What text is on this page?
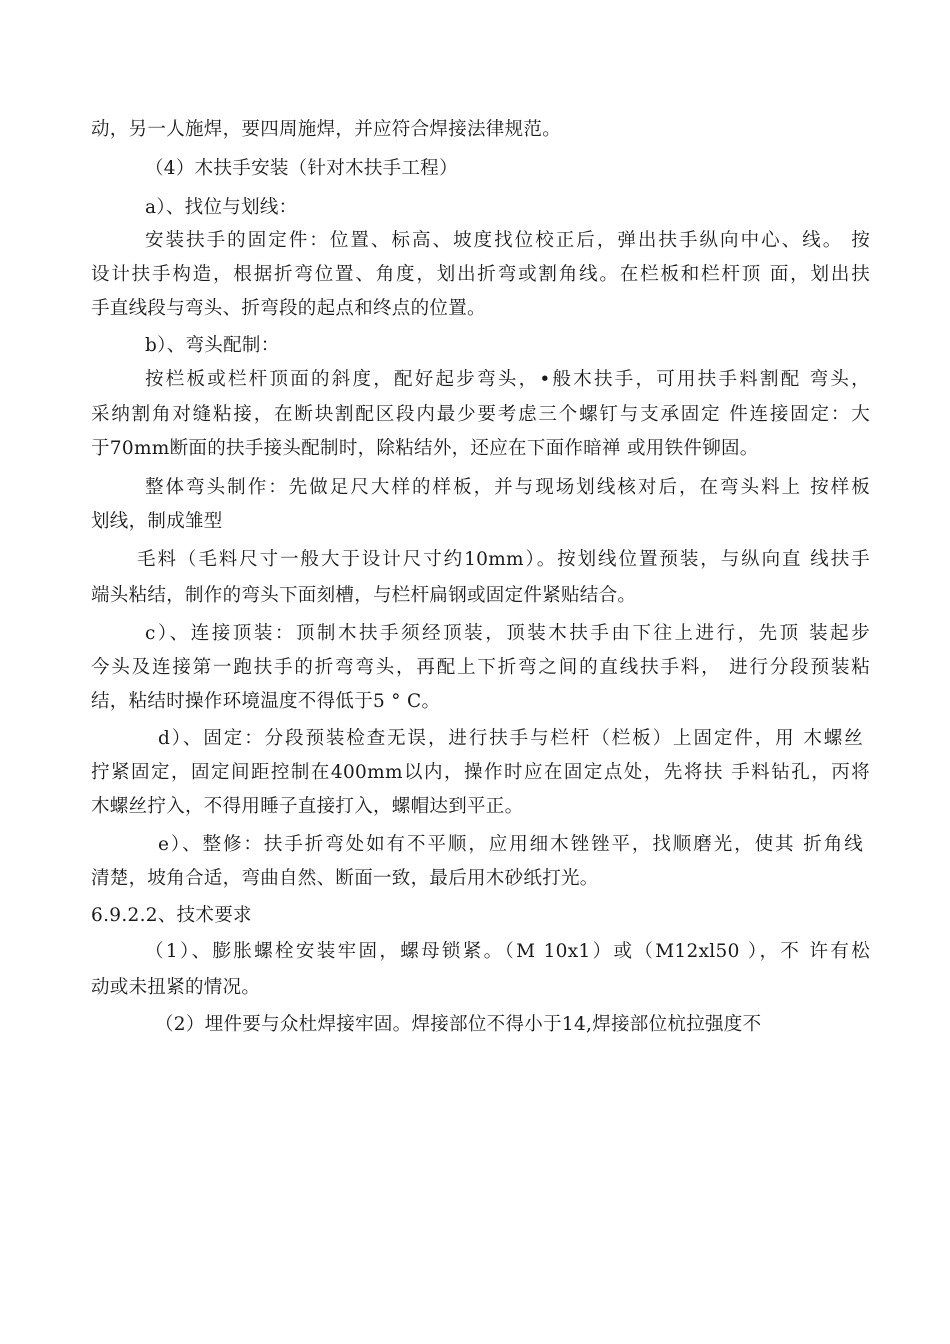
动，另一人施焊，要四周施焊，并应符合焊接法律规范。
（4）木扶手安装（针对木扶手工程）
a）、找位与划线：
安装扶手的固定件：位置、标高、坡度找位校正后，弹出扶手纵向中心、线。 按
设计扶手构造，根据折弯位置、角度，划出折弯或割角线。在栏板和栏杆顶 面，划出扶
手直线段与弯头、折弯段的起点和终点的位置。
b）、弯头配制：
按栏板或栏杆顶面的斜度，配好起步弯头，•般木扶手，可用扶手料割配 弯头，
采纳割角对缝粘接，在断块割配区段内最少要考虑三个螺钉与支承固定 件连接固定：大
于70mm断面的扶手接头配制时，除粘结外，还应在下面作暗禅 或用铁件铆固。
整体弯头制作：先做足尺大样的样板，并与现场划线核对后，在弯头料上 按样板
划线，制成雏型
毛料（毛料尺寸一般大于设计尺寸约10mm）。按划线位置预装，与纵向直 线扶手
端头粘结，制作的弯头下面刻槽，与栏杆扁钢或固定件紧贴结合。
c）、连接顶装：顶制木扶手须经顶装，顶装木扶手由下往上进行，先顶 装起步
今头及连接第一跑扶手的折弯弯头，再配上下折弯之间的直线扶手料， 进行分段预装粘
结，粘结时操作环境温度不得低于5 ° C。
d）、固定：分段预装检查无误，进行扶手与栏杆（栏板）上固定件，用 木螺丝
拧紧固定，固定间距控制在400mm以内，操作时应在固定点处，先将扶 手料钻孔，丙将
木螺丝拧入，不得用睡子直接打入，螺帽达到平正。
e）、整修：扶手折弯处如有不平顺，应用细木锉锉平，找顺磨光，使其 折角线
清楚，坡角合适，弯曲自然、断面一致，最后用木砂纸打光。
6.9.2.2、技术要求
（1）、膨胀螺栓安装牢固，螺母锁紧。（M 10x1）或（M12xl50 ），不 许有松
动或未扭紧的情况。
（2）埋件要与众杜焊接牢固。焊接部位不得小于14,焊接部位杭拉强度不
